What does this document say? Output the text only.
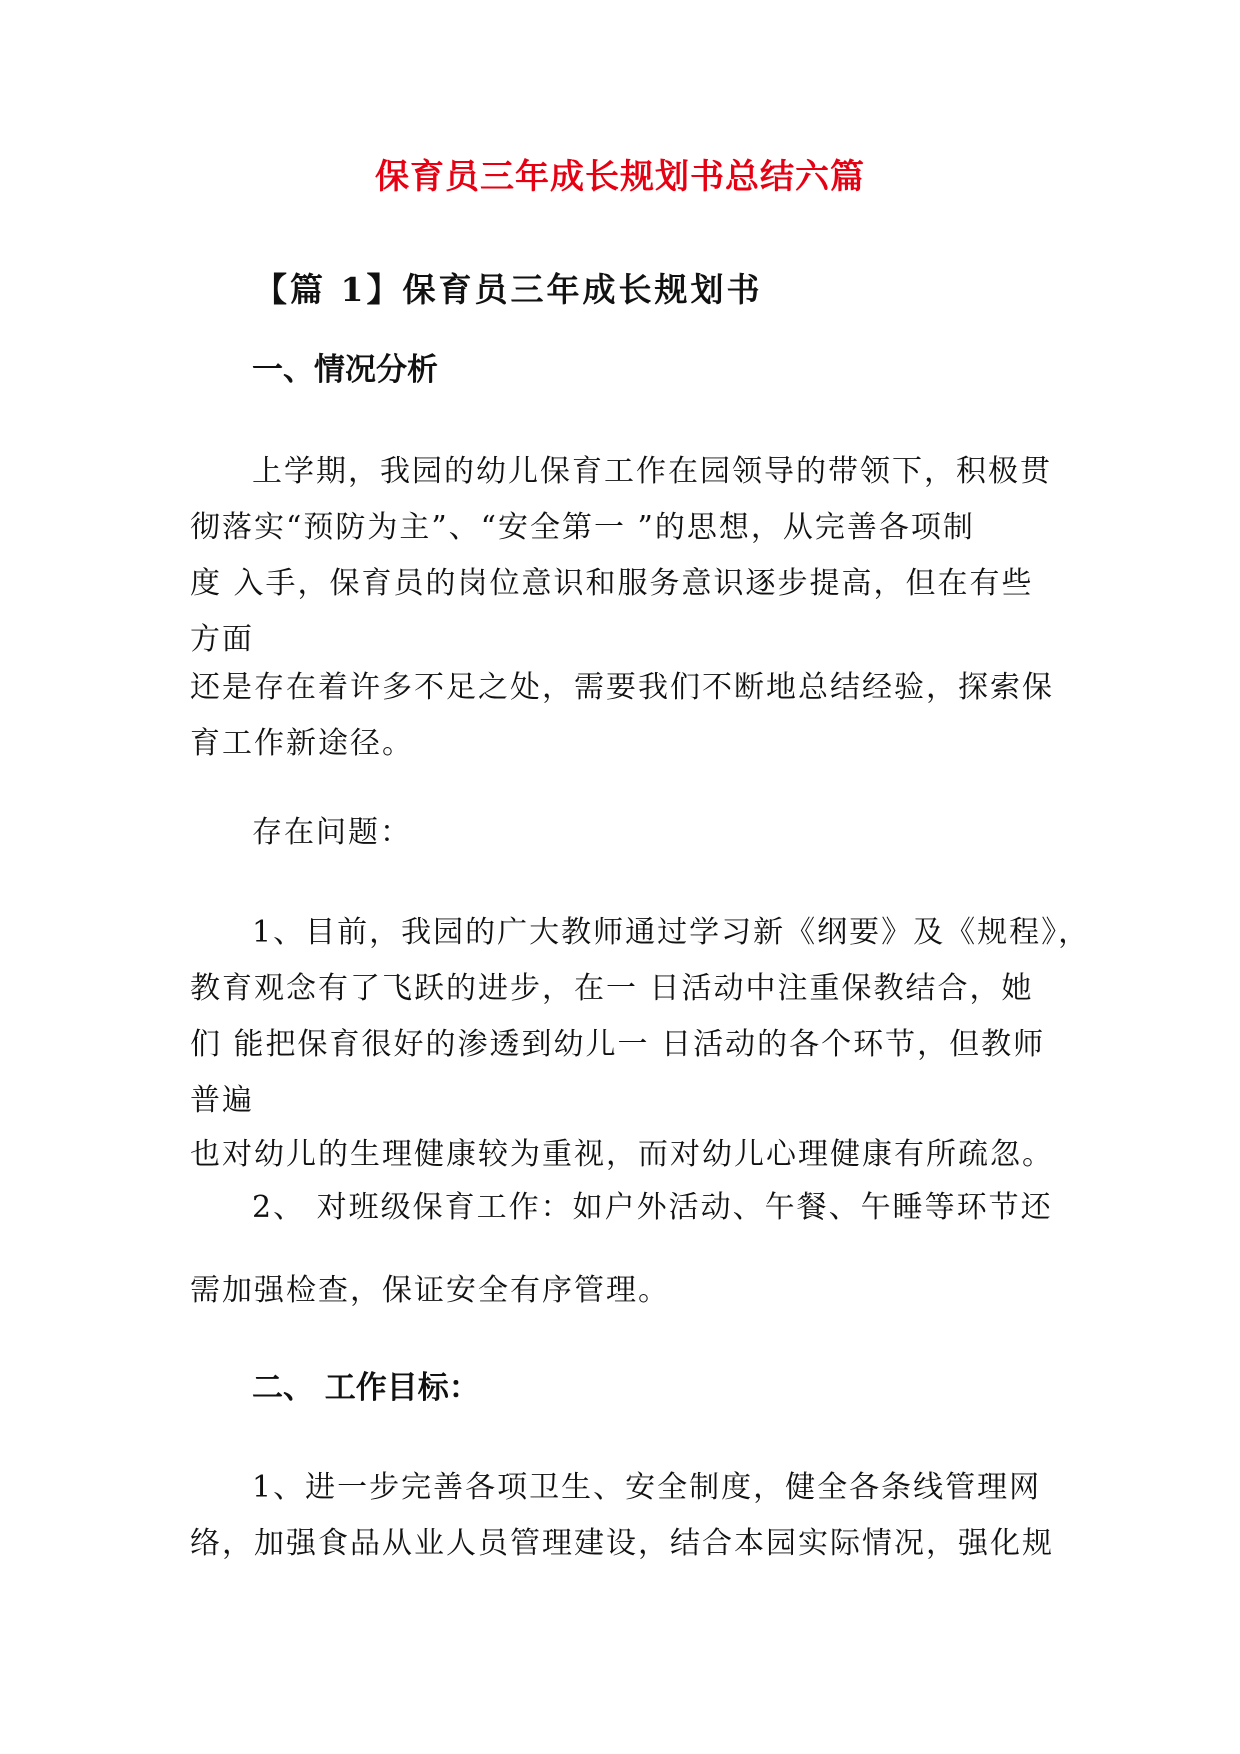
保育员三年成长规划书总结六篇
【篇 1】保育员三年成长规划书
一、情况分析
上学期，我园的幼儿保育工作在园领导的带领下，积极贯
彻落实“预防为主”、“安全第一 ”的思想，从完善各项制
度 入手，保育员的岗位意识和服务意识逐步提高，但在有些
方面
还是存在着许多不足之处，需要我们不断地总结经验，探索保
育工作新途径。
存在问题：
1、目前，我园的广大教师通过学习新《纲要》及《规程》，
教育观念有了飞跃的进步，在一 日活动中注重保教结合，她
们 能把保育很好的渗透到幼儿一 日活动的各个环节，但教师
普遍
也对幼儿的生理健康较为重视，而对幼儿心理健康有所疏忽。
2、 对班级保育工作：如户外活动、午餐、午睡等环节还
需加强检查，保证安全有序管理。
二、 工作目标：
1、进一步完善各项卫生、安全制度，健全各条线管理网
络，加强食品从业人员管理建设，结合本园实际情况，强化规
